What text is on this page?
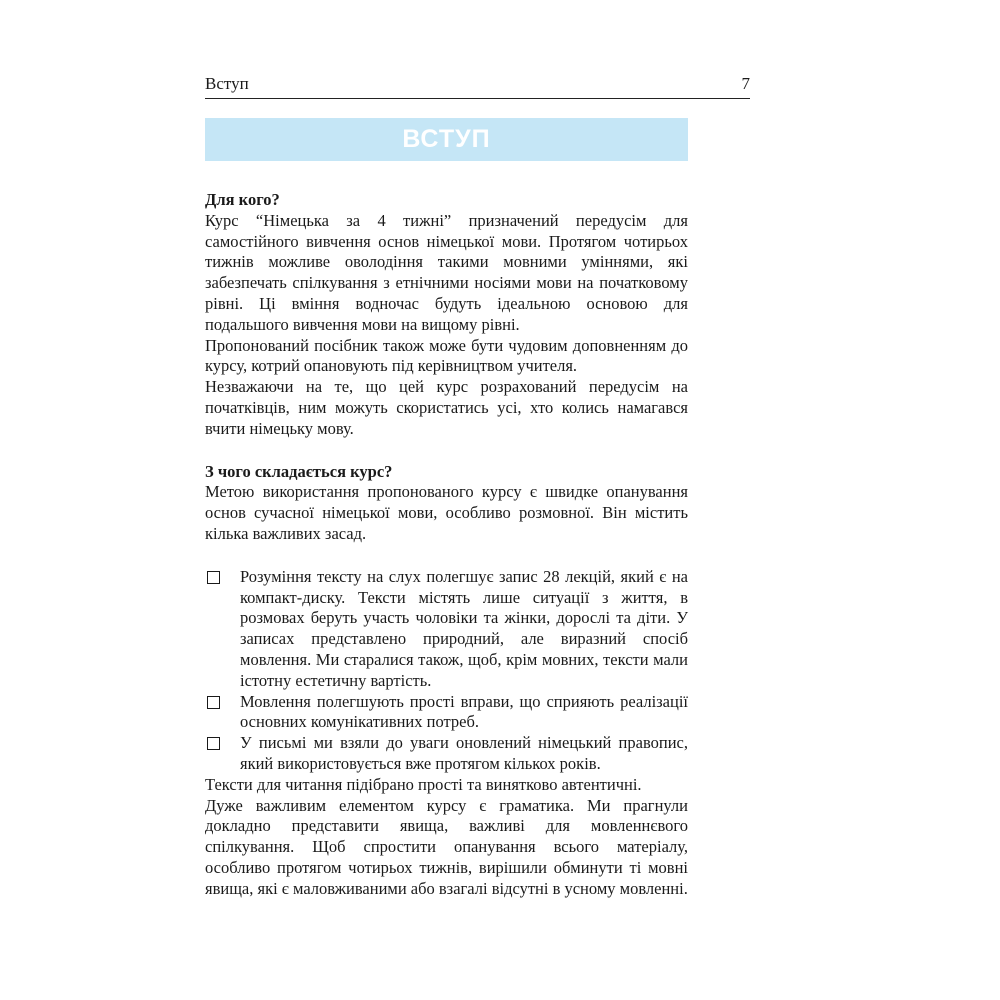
Вступ	7
ВСТУП

Для кого?

Курс “Німецька за 4 тижні” призначений передусім для самостійного вивчення основ німецької мови. Протягом чотирьох тижнів можливе оволодіння такими мовними уміннями, які забезпечать спілкування з етнічними носіями мови на початковому рівні. Ці вміння водночас будуть ідеальною основою для подальшого вивчення мови на вищому рівні.

Пропонований посібник також може бути чудовим доповненням до курсу, котрий опановують під керівництвом учителя.

Незважаючи на те, що цей курс розрахований передусім на початківців, ним можуть скористатись усі, хто колись намагався вчити німецьку мову.

З чого складається курс?

Метою використання пропонованого курсу є швидке опанування основ сучасної німецької мови, особливо розмовної. Він містить кілька важливих засад.

Розуміння тексту на слух полегшує запис 28 лекцій, який є на компакт-диску. Тексти містять лише ситуації з життя, в розмовах беруть участь чоловіки та жінки, дорослі та діти. У записах представлено природний, але виразний спосіб мовлення. Ми старалися також, щоб, крім мовних, тексти мали істотну естетичну вартість.
Мовлення полегшують прості вправи, що сприяють реалізації основних комунікативних потреб.
У письмі ми взяли до уваги оновлений німецький правопис, який використовується вже протягом кількох років.

Тексти для читання підібрано прості та винятково автентичні.

Дуже важливим елементом курсу є граматика. Ми прагнули докладно представити явища, важливі для мовленнєвого спілкування. Щоб спростити опанування всього матеріалу, особливо протягом чотирьох тижнів, вирішили обминути ті мовні явища, які є маловживаними або взагалі відсутні в усному мовленні.
